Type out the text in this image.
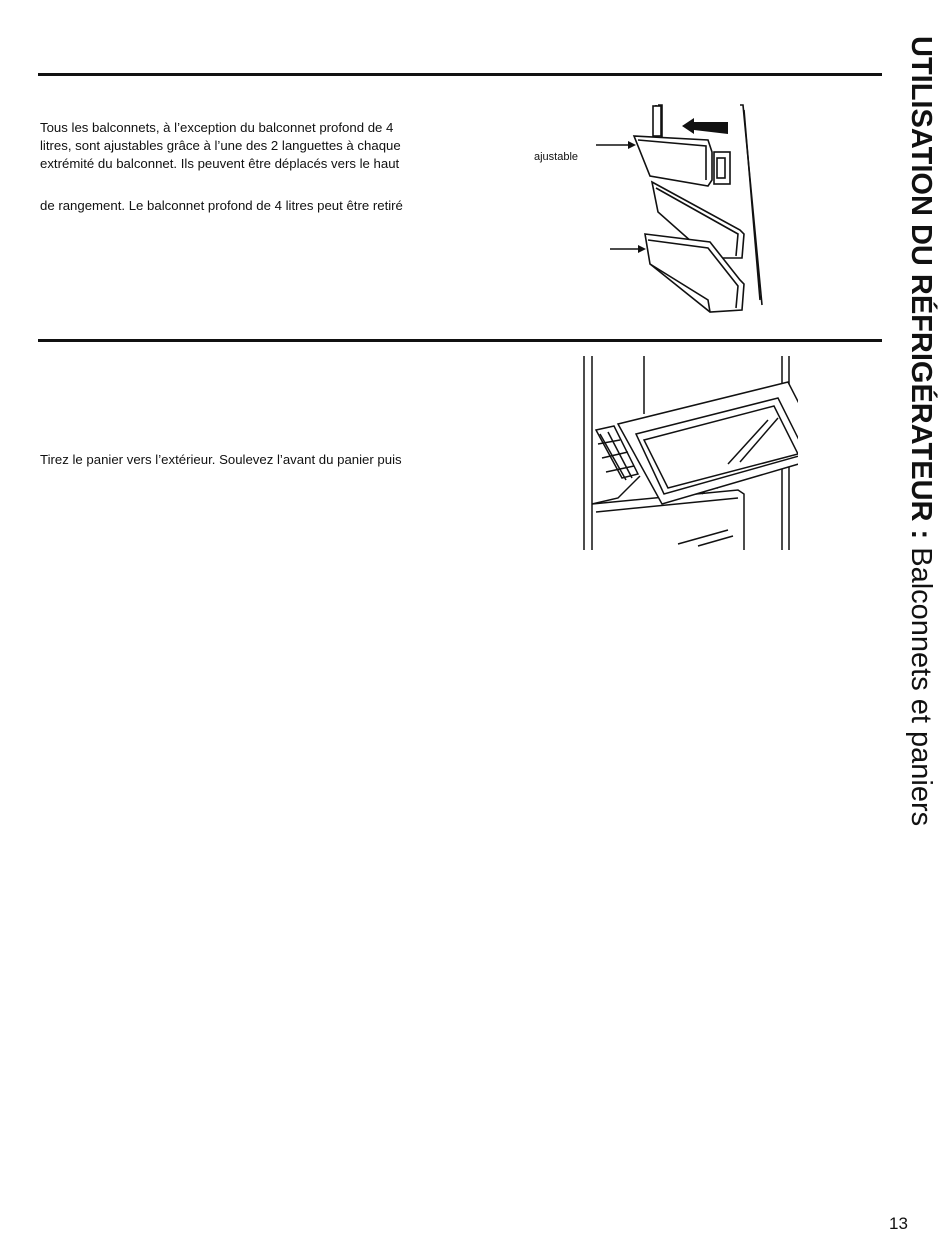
Tous les balconnets, à l’exception du balconnet profond de 4
litres, sont ajustables grâce à l’une des 2 languettes à chaque
extrémité du balconnet. Ils peuvent être déplacés vers le haut
de rangement. Le balconnet profond de 4 litres peut être retiré
ajustable
Tirez le panier vers l’extérieur. Soulevez l’avant du panier puis	UTILISATION DU RÉFRIGÉRATEUR : Balconnets et paniers
13
